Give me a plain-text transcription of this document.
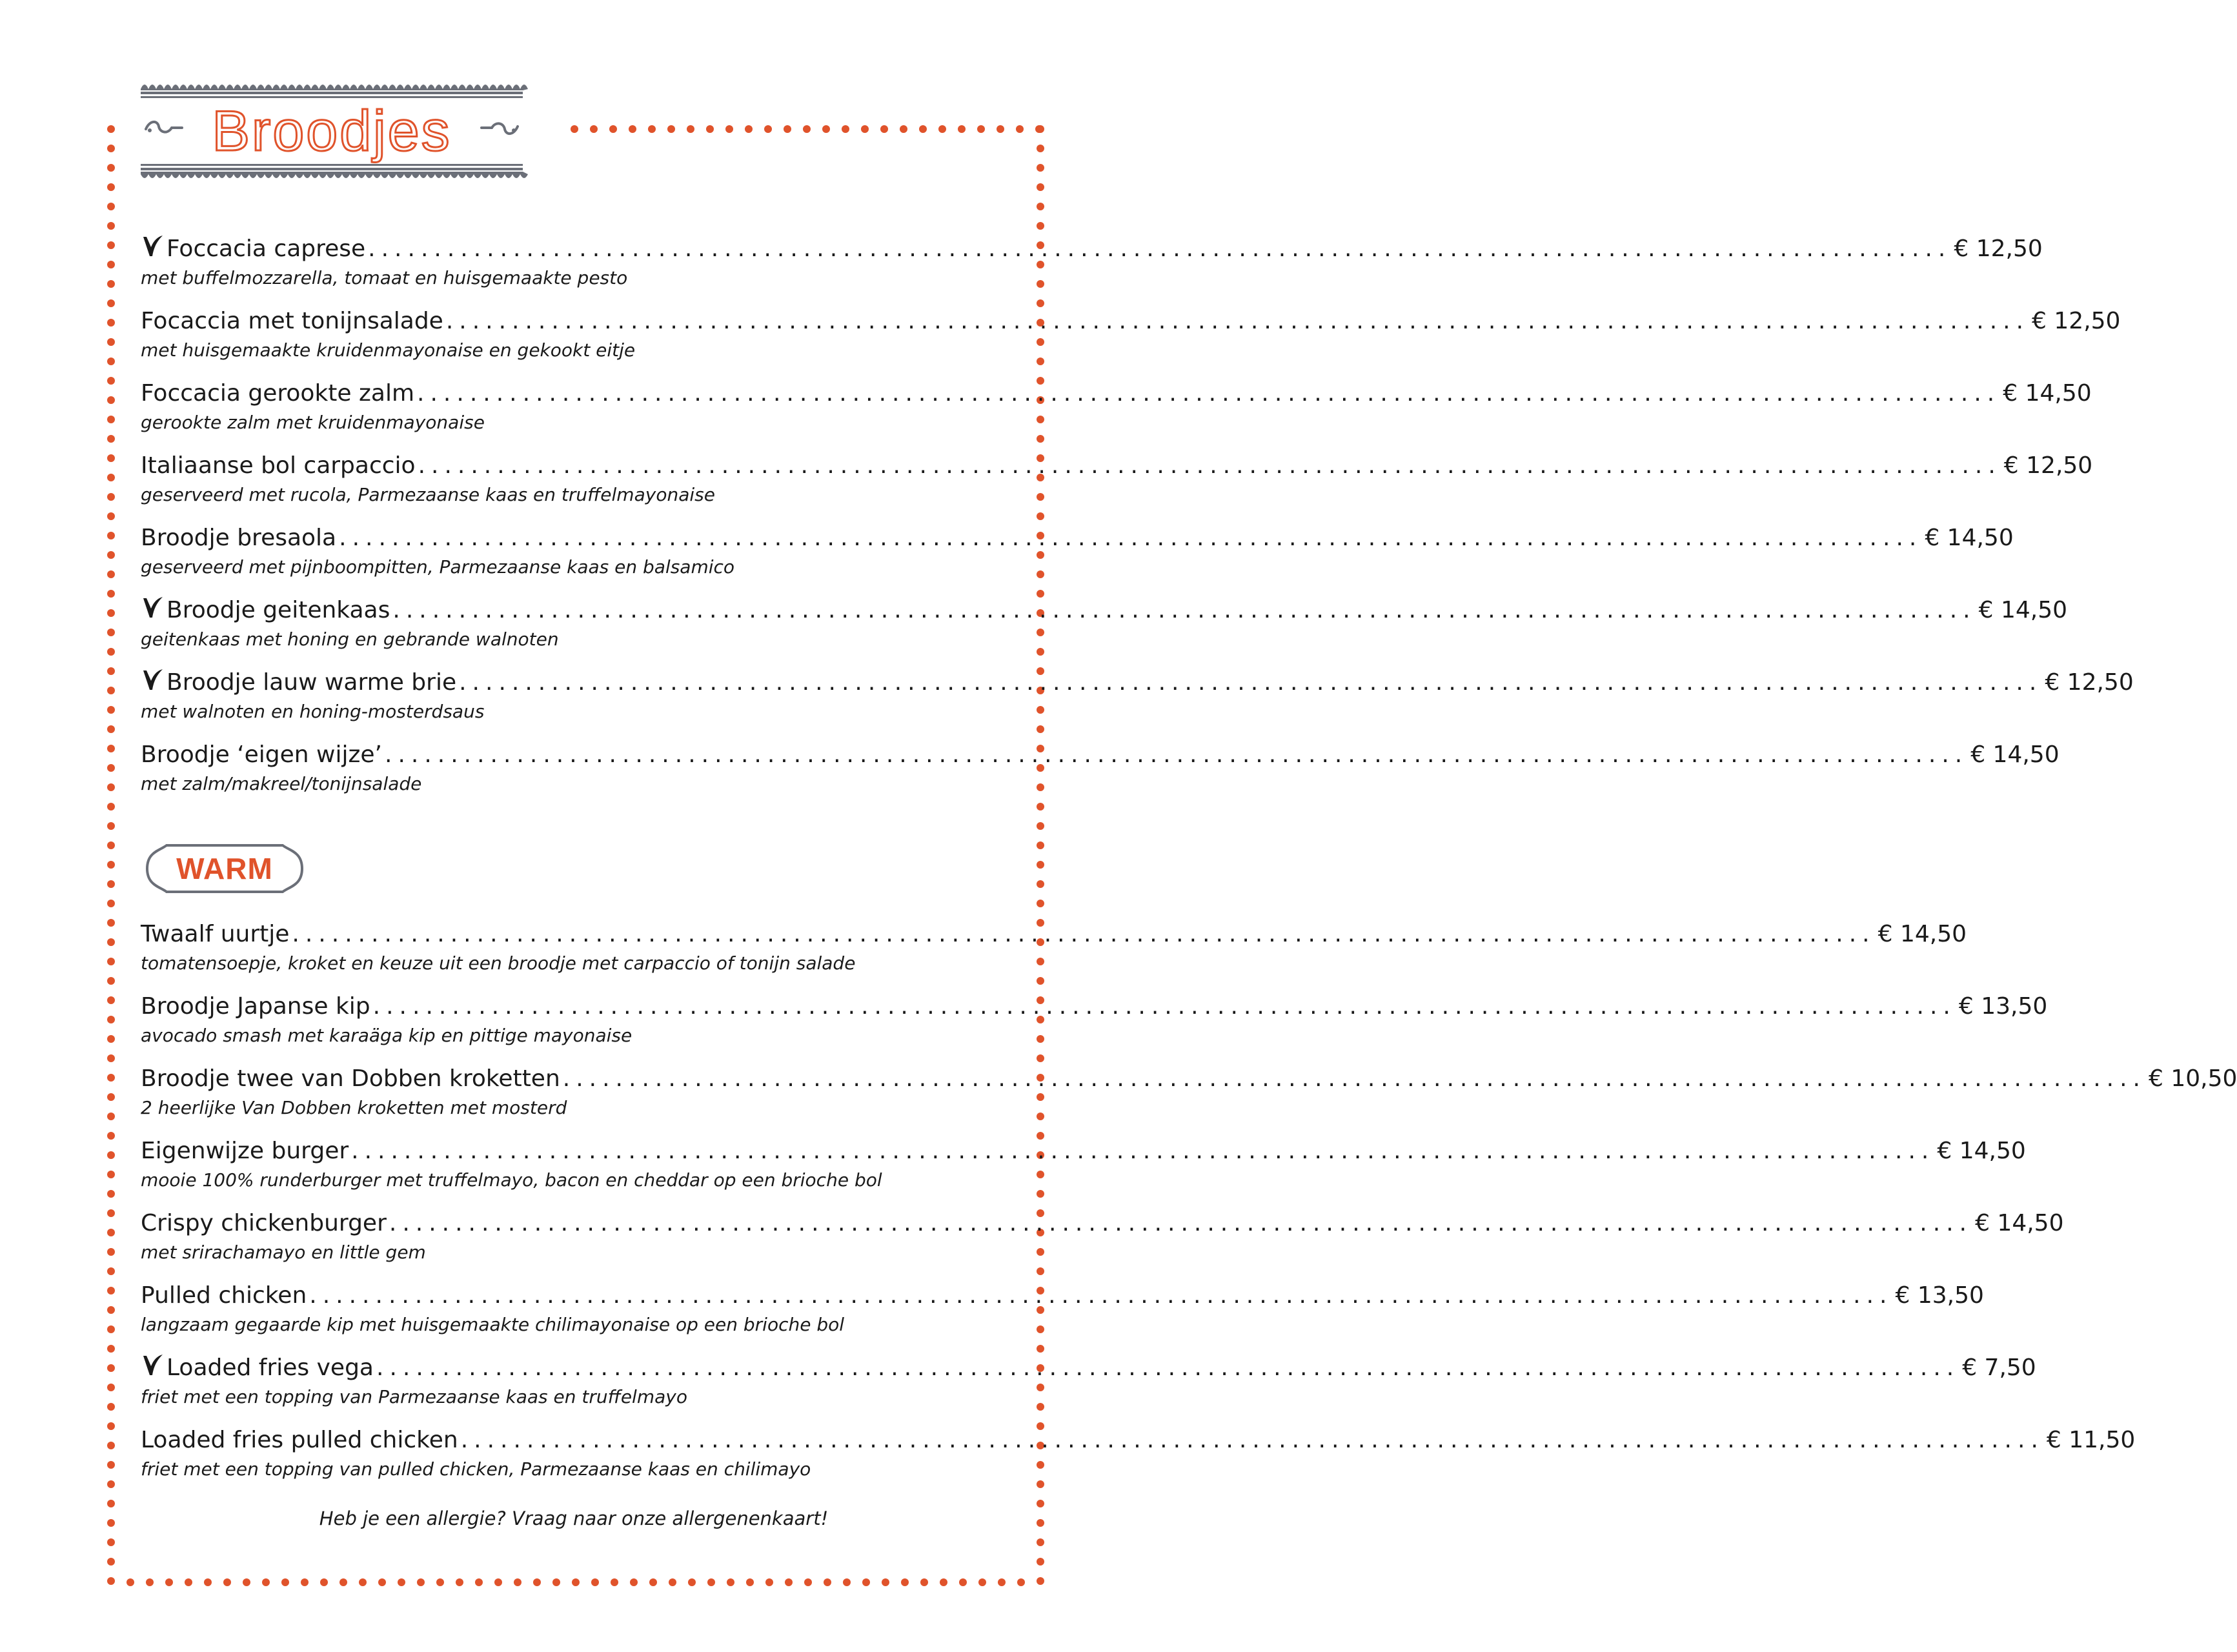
Broodjes
Foccacia caprese ........................................................................................................................ € 12,50
met buffelmozzarella, tomaat en huisgemaakte pesto
Focaccia met tonijnsalade ........................................................................................................................ € 12,50
met huisgemaakte kruidenmayonaise en gekookt eitje
Foccacia gerookte zalm ........................................................................................................................ € 14,50
gerookte zalm met kruidenmayonaise
Italiaanse bol carpaccio ........................................................................................................................ € 12,50
geserveerd met rucola, Parmezaanse kaas en truffelmayonaise
Broodje bresaola ........................................................................................................................ € 14,50
geserveerd met pijnboompitten, Parmezaanse kaas en balsamico
Broodje geitenkaas ........................................................................................................................ € 14,50
geitenkaas met honing en gebrande walnoten
Broodje lauw warme brie ........................................................................................................................ € 12,50
met walnoten en honing-mosterdsaus
Broodje ‘eigen wijze’ ........................................................................................................................ € 14,50
met zalm/makreel/tonijnsalade
WARM
Twaalf uurtje ........................................................................................................................ € 14,50
tomatensoepje, kroket en keuze uit een broodje met carpaccio of tonijn salade
Broodje Japanse kip ........................................................................................................................ € 13,50
avocado smash met karaäga kip en pittige mayonaise
Broodje twee van Dobben kroketten ........................................................................................................................ € 10,50
2 heerlijke Van Dobben kroketten met mosterd
Eigenwijze burger ........................................................................................................................ € 14,50
mooie 100% runderburger met truffelmayo, bacon en cheddar op een brioche bol
Crispy chickenburger ........................................................................................................................ € 14,50
met srirachamayo en little gem
Pulled chicken ........................................................................................................................ € 13,50
langzaam gegaarde kip met huisgemaakte chilimayonaise op een brioche bol
Loaded fries vega ........................................................................................................................ € 7,50
friet met een topping van Parmezaanse kaas en truffelmayo
Loaded fries pulled chicken ........................................................................................................................ € 11,50
friet met een topping van pulled chicken, Parmezaanse kaas en chilimayo
Heb je een allergie? Vraag naar onze allergenenkaart!
